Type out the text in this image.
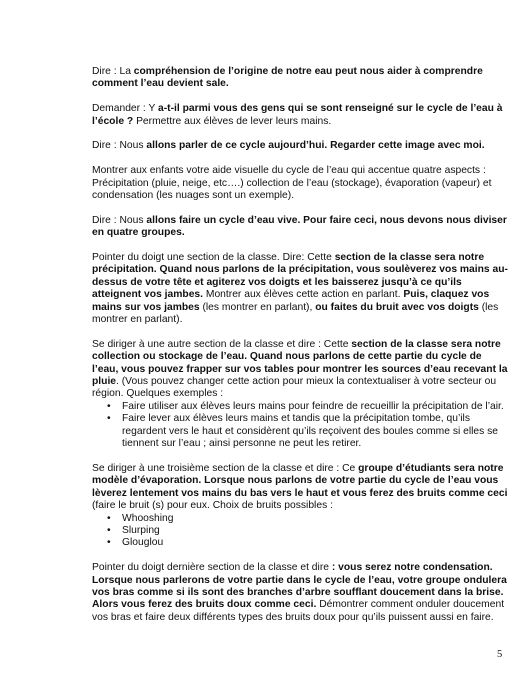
Dire : La compréhension de l’origine de notre eau peut nous aider à comprendre comment l’eau devient sale.

Demander : Y a-t-il parmi vous des gens qui se sont renseigné sur le cycle de l’eau à l’école ? Permettre aux élèves de lever leurs mains.

Dire : Nous allons parler de ce cycle aujourd’hui. Regarder cette image avec moi.

Montrer aux enfants votre aide visuelle du cycle de l’eau qui accentue quatre aspects : Précipitation (pluie, neige, etc….) collection de l’eau (stockage), évaporation (vapeur) et condensation (les nuages sont un exemple).

Dire : Nous allons faire un cycle d’eau vive. Pour faire ceci, nous devons nous diviser en quatre groupes.

Pointer du doigt une section de la classe. Dire: Cette section de la classe sera notre précipitation. Quand nous parlons de la précipitation, vous soulèverez vos mains au-dessus de votre tête et agiterez vos doigts et les baisserez jusqu’à ce qu’ils atteignent vos jambes. Montrer aux élèves cette action en parlant. Puis, claquez vos mains sur vos jambes (les montrer en parlant), ou faites du bruit avec vos doigts (les montrer en parlant).

Se diriger à une autre section de la classe et dire : Cette section de la classe sera notre collection ou stockage de l’eau. Quand nous parlons de cette partie du cycle de l’eau, vous pouvez frapper sur vos tables pour montrer les sources d’eau recevant la pluie. (Vous pouvez changer cette action pour mieux la contextualiser à votre secteur ou région. Quelques exemples :

• Faire utiliser aux élèves leurs mains pour feindre de recueillir la précipitation de l’air.
• Faire lever aux élèves leurs mains et tandis que la précipitation tombe, qu’ils regardent vers le haut et considèrent qu’ils reçoivent des boules comme si elles se tiennent sur l’eau ; ainsi personne ne peut les retirer.

Se diriger à une troisième section de la classe et dire : Ce groupe d’étudiants sera notre modèle d’évaporation. Lorsque nous parlons de votre partie du cycle de l’eau vous lèverez lentement vos mains du bas vers le haut et vous ferez des bruits comme ceci (faire le bruit (s) pour eux. Choix de bruits possibles :

• Whooshing
• Slurping
• Glouglou

Pointer du doigt dernière section de la classe et dire : vous serez notre condensation. Lorsque nous parlerons de votre partie dans le cycle de l’eau, votre groupe ondulera vos bras comme si ils sont des branches d’arbre soufflant doucement dans la brise. Alors vous ferez des bruits doux comme ceci. Démontrer comment onduler doucement vos bras et faire deux différents types des bruits doux pour qu’ils puissent aussi en faire.

5
